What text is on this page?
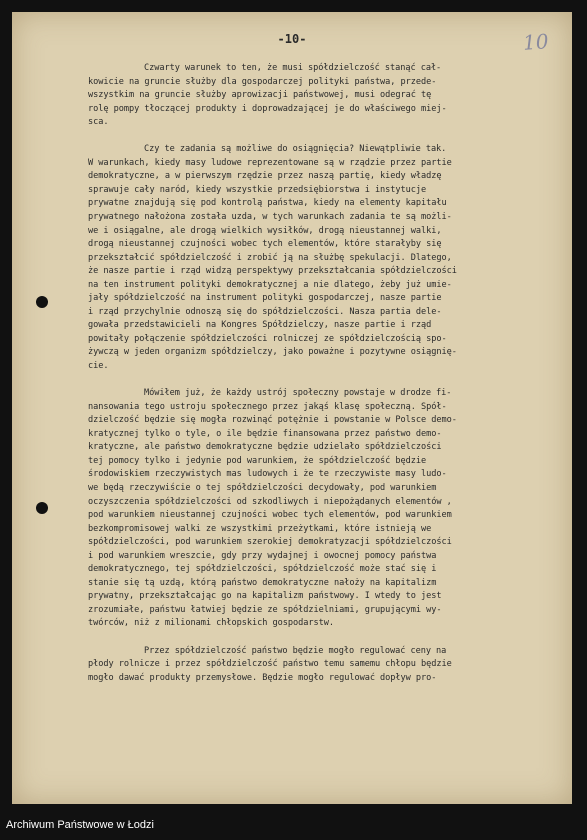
-10-	10
Czwarty warunek to ten, że musi spółdzielczość stanąć cał-
kowicie na gruncie służby dla gospodarczej polityki państwa, przede-
wszystkim na gruncie służby aprowizacji państwowej, musi odegrać tę
rolę pompy tłoczącej produkty i doprowadzającej je do właściwego miej-
sca.
Czy te zadania są możliwe do osiągnięcia? Niewątpliwie tak.
W warunkach, kiedy masy ludowe reprezentowane są w rządzie przez partie
demokratyczne, a w pierwszym rzędzie przez naszą partię, kiedy władzę
sprawuje cały naród, kiedy wszystkie przedsiębiorstwa i instytucje
prywatne znajdują się pod kontrolą państwa, kiedy na elementy kapitału
prywatnego nałożona została uzda, w tych warunkach zadania te są możli-
we i osiągalne, ale drogą wielkich wysiłków, drogą nieustannej walki,
drogą nieustannej czujności wobec tych elementów, które starałyby się
przekształcić spółdzielczość i zrobić ją na służbę spekulacji. Dlatego,
że nasze partie i rząd widzą perspektywy przekształcania spółdzielczości
na ten instrument polityki demokratycznej a nie dlatego, żeby już umie-
jały spółdzielczość na instrument polityki gospodarczej, nasze partie
i rząd przychylnie odnoszą się do spółdzielczości. Nasza partia dele-
gowała przedstawicieli na Kongres Spółdzielczy, nasze partie i rząd
powitały połączenie spółdzielczości rolniczej ze spółdzielczością spo-
żywczą w jeden organizm spółdzielczy, jako poważne i pozytywne osiągnię-
cie.
Mówiłem już, że każdy ustrój społeczny powstaje w drodze fi-
nansowania tego ustroju społecznego przez jakąś klasę społeczną. Spół-
dzielczość będzie się mogła rozwinąć potężnie i powstanie w Polsce demo-
kratycznej tylko o tyle, o ile będzie finansowana przez państwo demo-
kratyczne, ale państwo demokratyczne będzie udzielało spółdzielczości
tej pomocy tylko i jedynie pod warunkiem, że spółdzielczość będzie
środowiskiem rzeczywistych mas ludowych i że te rzeczywiste masy ludo-
we będą rzeczywiście o tej spółdzielczości decydowały, pod warunkiem
oczyszczenia spółdzielczości od szkodliwych i niepożądanych elementów ,
pod warunkiem nieustannej czujności wobec tych elementów, pod warunkiem
bezkompromisowej walki ze wszystkimi przeżytkami, które istnieją we
spółdzielczości, pod warunkiem szerokiej demokratyzacji spółdzielczości
i pod warunkiem wreszcie, gdy przy wydajnej i owocnej pomocy państwa
demokratycznego, tej spółdzielczości, spółdzielczość może stać się i
stanie się tą uzdą, którą państwo demokratyczne nałoży na kapitalizm
prywatny, przekształcając go na kapitalizm państwowy. I wtedy to jest
zrozumiałe, państwu łatwiej będzie ze spółdzielniami, grupującymi wy-
twórców, niż z milionami chłopskich gospodarstw.
Przez spółdzielczość państwo będzie mogło regulować ceny na
płody rolnicze i przez spółdzielczość państwo temu samemu chłopu będzie
mogło dawać produkty przemysłowe. Będzie mogło regulować dopływ pro-
Archiwum Państwowe w Łodzi
